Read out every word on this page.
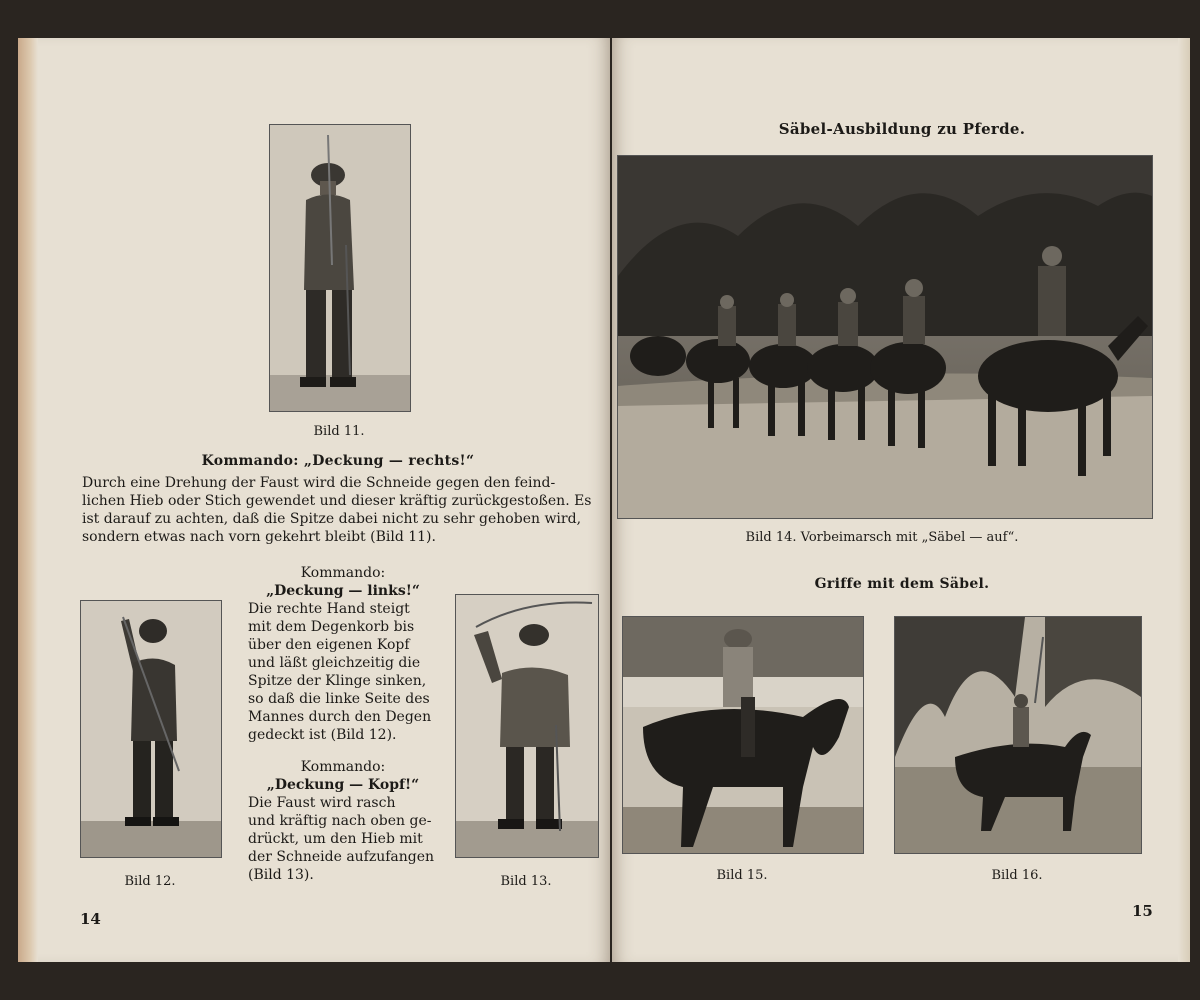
Bild 11.
Kommando: „Deckung — rechts!“
Durch eine Drehung der Faust wird die Schneide gegen den feind-
lichen Hieb oder Stich gewendet und dieser kräftig zurückgestoßen. Es
ist darauf zu achten, daß die Spitze dabei nicht zu sehr gehoben wird,
sondern etwas nach vorn gekehrt bleibt (Bild 11).
Bild 12.
Kommando:
„Deckung — links!“
Die rechte Hand steigt
mit dem Degenkorb bis
über den eigenen Kopf
und läßt gleichzeitig die
Spitze der Klinge sinken,
so daß die linke Seite des
Mannes durch den Degen
gedeckt ist (Bild 12).
Kommando:
„Deckung — Kopf!“
Die Faust wird rasch
und kräftig nach oben ge-
drückt, um den Hieb mit
der Schneide aufzufangen
(Bild 13).	Bild 13.
14
Säbel-Ausbildung zu Pferde.
Bild 14. Vorbeimarsch mit „Säbel — auf“.
Griffe mit dem Säbel.
Bild 15.	Bild 16.
15
